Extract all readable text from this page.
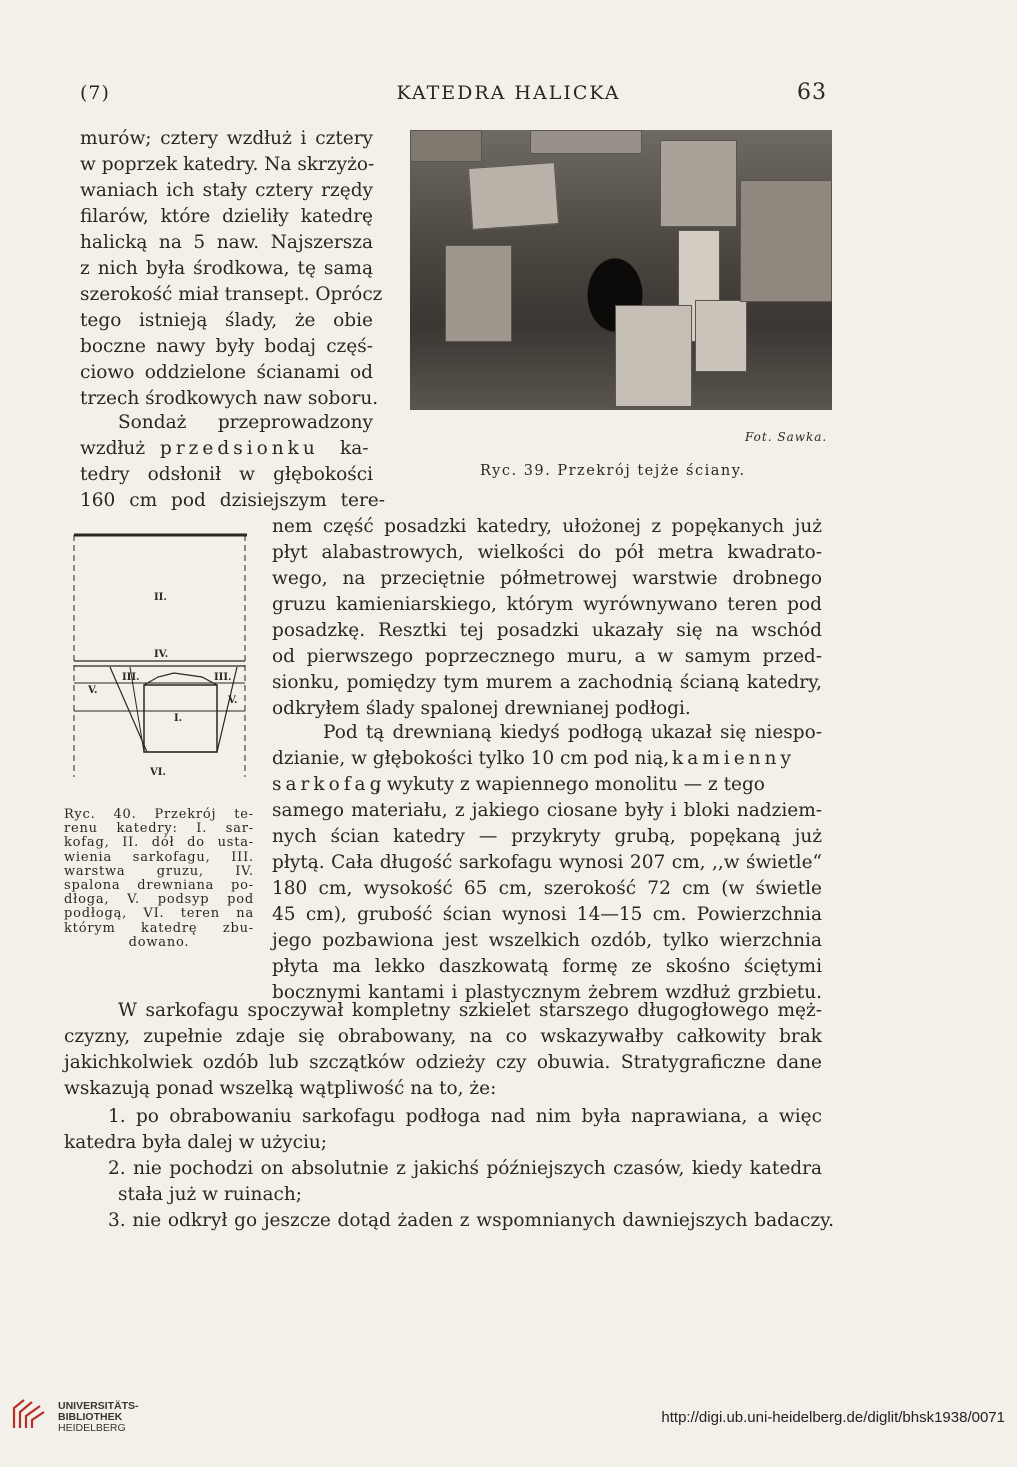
KATEDRA HALICKA
(7)	63
murów; cztery wzdłuż i cztery
w poprzek katedry. Na skrzyżo-
waniach ich stały cztery rzędy
filarów, które dzieliły katedrę
halicką na 5 naw. Najszersza
z nich była środkowa, tę samą
szerokość miał transept. Oprócz
tego istnieją ślady, że obie
boczne nawy były bodaj częś-
ciowo oddzielone ścianami od
trzech środkowych naw soboru.
Sondaż przeprowadzony
wzdłuż przedsionku ka-
tedry odsłonił w głębokości
160 cm pod dzisiejszym tere-
Fot. Sawka.
Ryc. 39. Przekrój tejże ściany.
nem część posadzki katedry, ułożonej z popękanych już
płyt alabastrowych, wielkości do pół metra kwadrato-
wego, na przeciętnie półmetrowej warstwie drobnego
gruzu kamieniarskiego, którym wyrównywano teren pod
posadzkę. Resztki tej posadzki ukazały się na wschód
od pierwszego poprzecznego muru, a w samym przed-
sionku, pomiędzy tym murem a zachodnią ścianą katedry,
odkryłem ślady spalonej drewnianej podłogi.
Pod tą drewnianą kiedyś podłogą ukazał się niespo-
dzianie, w głębokości tylko 10 cm pod nią, kamienny
sarkofag
, wykuty z wapiennego monolitu — z tego
samego materiału, z jakiego ciosane były i bloki nadziem-
nych ścian katedry — przykryty grubą, popękaną już
płytą. Cała długość sarkofagu wynosi 207 cm, ,,w świetle“
180 cm, wysokość 65 cm, szerokość 72 cm (w świetle
45 cm), grubość ścian wynosi 14—15 cm. Powierzchnia
jego pozbawiona jest wszelkich ozdób, tylko wierzchnia
płyta ma lekko daszkowatą formę ze skośno ściętymi
bocznymi kantami i plastycznym żebrem wzdłuż grzbietu.
II.
IV.
III.	III.
V.
I.
V.
VI.
Ryc. 40. Przekrój te-
renu katedry: I. sar-
kofag, II. dół do usta-
wienia sarkofagu, III.
warstwa gruzu, IV.
spalona drewniana po-
dłoga, V. podsyp pod
podłogą, VI. teren na
którym katedrę zbu-
dowano.
W sarkofagu spoczywał kompletny szkielet starszego długogłowego męż-
czyzny, zupełnie zdaje się obrabowany, na co wskazywałby całkowity brak
jakichkolwiek ozdób lub szczątków odzieży czy obuwia. Stratygraficzne dane
wskazują ponad wszelką wątpliwość na to, że:
1. po obrabowaniu sarkofagu podłoga nad nim była naprawiana, a więc
katedra była dalej w użyciu;
2. nie pochodzi on absolutnie z jakichś późniejszych czasów, kiedy katedra
stała już w ruinach;
3. nie odkrył go jeszcze dotąd żaden z wspomnianych dawniejszych badaczy.
UNIVERSITÄTS-
BIBLIOTHEK
HEIDELBERG
http://digi.ub.uni-heidelberg.de/diglit/bhsk1938/0071
